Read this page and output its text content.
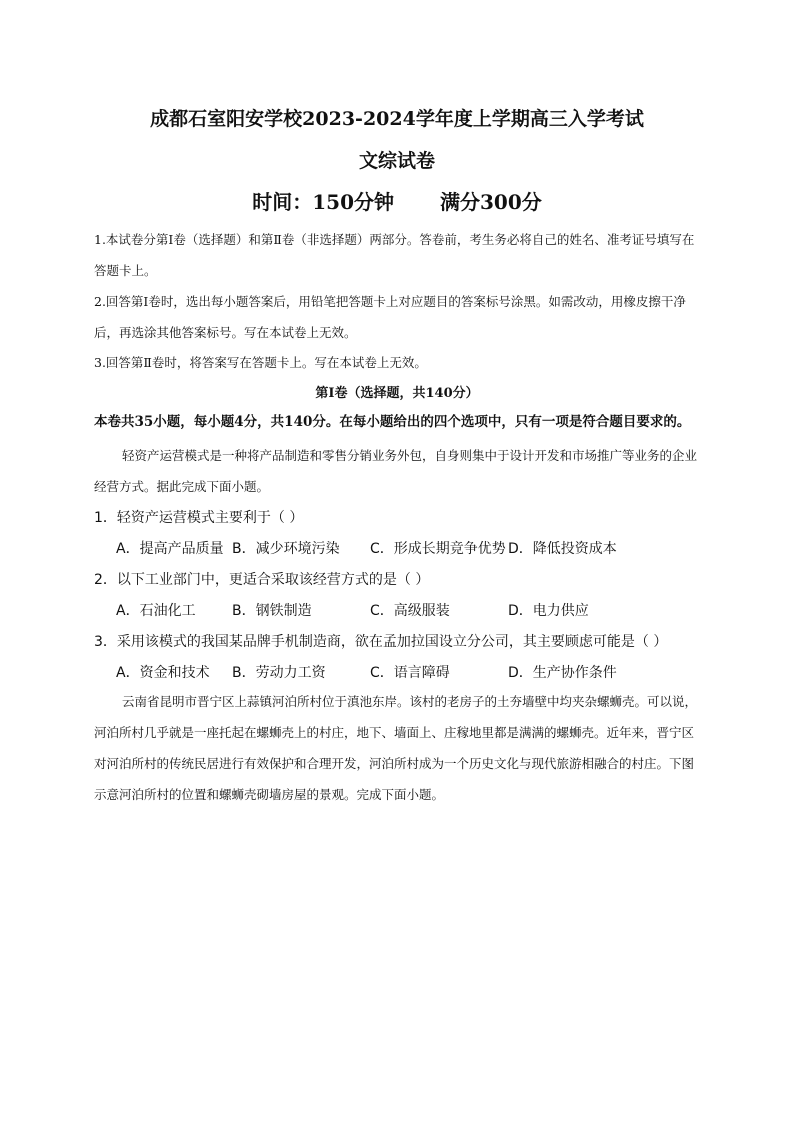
成都石室阳安学校2023-2024学年度上学期高三入学考试
文综试卷
时间：150分钟 满分300分

1.本试卷分第Ⅰ卷（选择题）和第Ⅱ卷（非选择题）两部分。答卷前，考生务必将自己的姓名、准考证号填写在答题卡上。

2.回答第Ⅰ卷时，选出每小题答案后，用铅笔把答题卡上对应题目的答案标号涂黑。如需改动，用橡皮擦干净后，再选涂其他答案标号。写在本试卷上无效。

3.回答第Ⅱ卷时，将答案写在答题卡上。写在本试卷上无效。

第Ⅰ卷（选择题，共140分）
本卷共35小题，每小题4分，共140分。在每小题给出的四个选项中，只有一项是符合题目要求的。

轻资产运营模式是一种将产品制造和零售分销业务外包，自身则集中于设计开发和市场推广等业务的企业经营方式。据此完成下面小题。

1．轻资产运营模式主要利于（ ）
A．提高产品质量 B．减少环境污染 C．形成长期竞争优势 D．降低投资成本
2．以下工业部门中，更适合采取该经营方式的是（ ）
A．石油化工	B．钢铁制造	C．高级服装	D．电力供应
3．采用该模式的我国某品牌手机制造商，欲在孟加拉国设立分公司，其主要顾虑可能是（ ）
A．资金和技术 B．劳动力工资	C．语言障碍	D．生产协作条件

云南省昆明市晋宁区上蒜镇河泊所村位于滇池东岸。该村的老房子的土夯墙壁中均夹杂螺蛳壳。可以说，河泊所村几乎就是一座托起在螺蛳壳上的村庄，地下、墙面上、庄稼地里都是满满的螺蛳壳。近年来，晋宁区对河泊所村的传统民居进行有效保护和合理开发，河泊所村成为一个历史文化与现代旅游相融合的村庄。下图示意河泊所村的位置和螺蛳壳砌墙房屋的景观。完成下面小题。
